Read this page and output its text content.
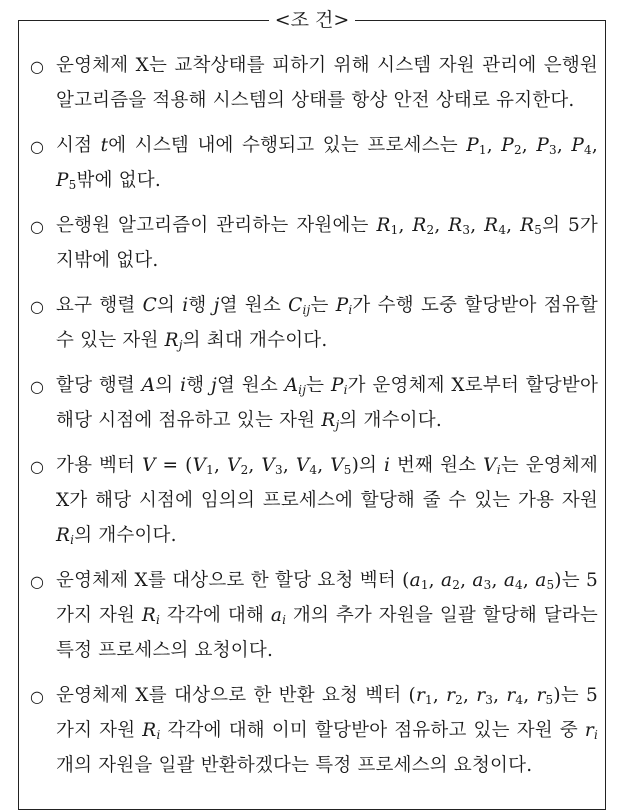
<조 건>
○ 운영체제 X는 교착상태를 피하기 위해 시스템 자원 관리에 은행원 알고리즘을 적용해 시스템의 상태를 항상 안전 상태로 유지한다.
○ 시점 t에 시스템 내에 수행되고 있는 프로세스는 $P_1$, $P_2$, $P_3$, $P_4$, $P_5$밖에 없다.
○ 은행원 알고리즘이 관리하는 자원에는 $R_1$, $R_2$, $R_3$, $R_4$, $R_5$의 5가지밖에 없다.
○ 요구 행렬 C의 i행 j열 원소 $C_{ij}$는 $P_i$가 수행 도중 할당받아 점유할 수 있는 자원 $R_j$의 최대 개수이다.
○ 할당 행렬 A의 i행 j열 원소 $A_{ij}$는 $P_i$가 운영체제 X로부터 할당받아 해당 시점에 점유하고 있는 자원 $R_j$의 개수이다.
○ 가용 벡터 $V = (V_1$, $V_2$, $V_3$, $V_4$, $V_5$)의 i 번째 원소 $V_i$는 운영체제 X가 해당 시점에 임의의 프로세스에 할당해 줄 수 있는 가용 자원 $R_i$의 개수이다.
○ 운영체제 X를 대상으로 한 할당 요청 벡터 ($a_1$, $a_2$, $a_3$, $a_4$, $a_5$)는 5가지 자원 $R_i$ 각각에 대해 $a_i$ 개의 추가 자원을 일괄 할당해 달라는 특정 프로세스의 요청이다.
○ 운영체제 X를 대상으로 한 반환 요청 벡터 ($r_1$, $r_2$, $r_3$, $r_4$, $r_5$)는 5가지 자원 $R_i$ 각각에 대해 이미 할당받아 점유하고 있는 자원 중 $r_i$ 개의 자원을 일괄 반환하겠다는 특정 프로세스의 요청이다.
